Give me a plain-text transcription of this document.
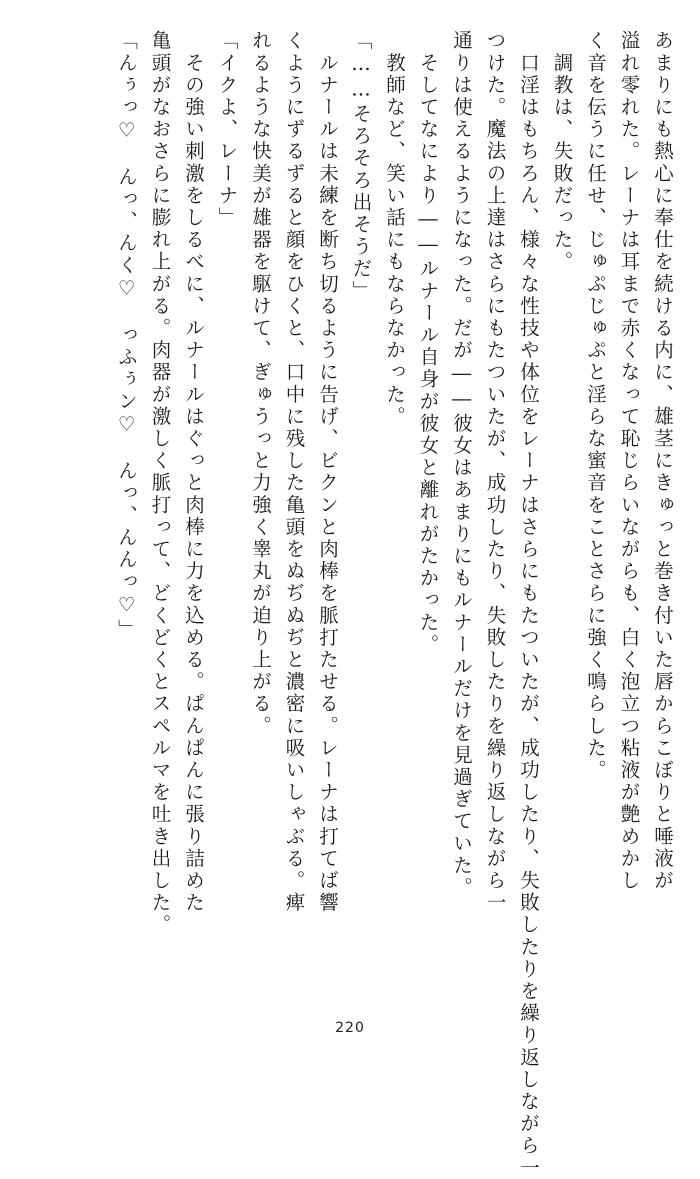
あまりにも熱心に奉仕を続ける内に、雄茎にきゅっと巻き付いた唇からこぼりと唾液が
溢れ零れた。レーナは耳まで赤くなって恥じらいながらも、白く泡立つ粘液が艶めかし
く音を伝うに任せ、じゅぷじゅぷと淫らな蜜音をことさらに強く鳴らした。
　調教は、失敗だった。
　口淫はもちろん、様々な性技や体位をレーナはさらにもたついたが、成功したり、失敗したりを繰り返しながら一
つけた。魔法の上達はさらにもたついたが、成功したり、失敗したりを繰り返しながら一
通りは使えるようになった。だが――彼女はあまりにもルナールだけを見過ぎていた。
　そしてなにより――ルナール自身が彼女と離れがたかった。
　教師など、笑い話にもならなかった。
「……そろそろ出そうだ」
　ルナールは未練を断ち切るように告げ、ビクンと肉棒を脈打たせる。レーナは打てば響
くようにずるずると顔をひくと、口中に残した亀頭をぬぢぬぢと濃密に吸いしゃぶる。痺
れるような快美が雄器を駆けて、ぎゅうっと力強く睾丸が迫り上がる。
「イクよ、レーナ」
　その強い刺激をしるべに、ルナールはぐっと肉棒に力を込める。ぱんぱんに張り詰めた
亀頭がなおさらに膨れ上がる。肉器が激しく脈打って、どくどくとスペルマを吐き出した。
「んぅっ♡　んっ、んく♡　っふぅン♡　んっ、んんっ♡」
220
